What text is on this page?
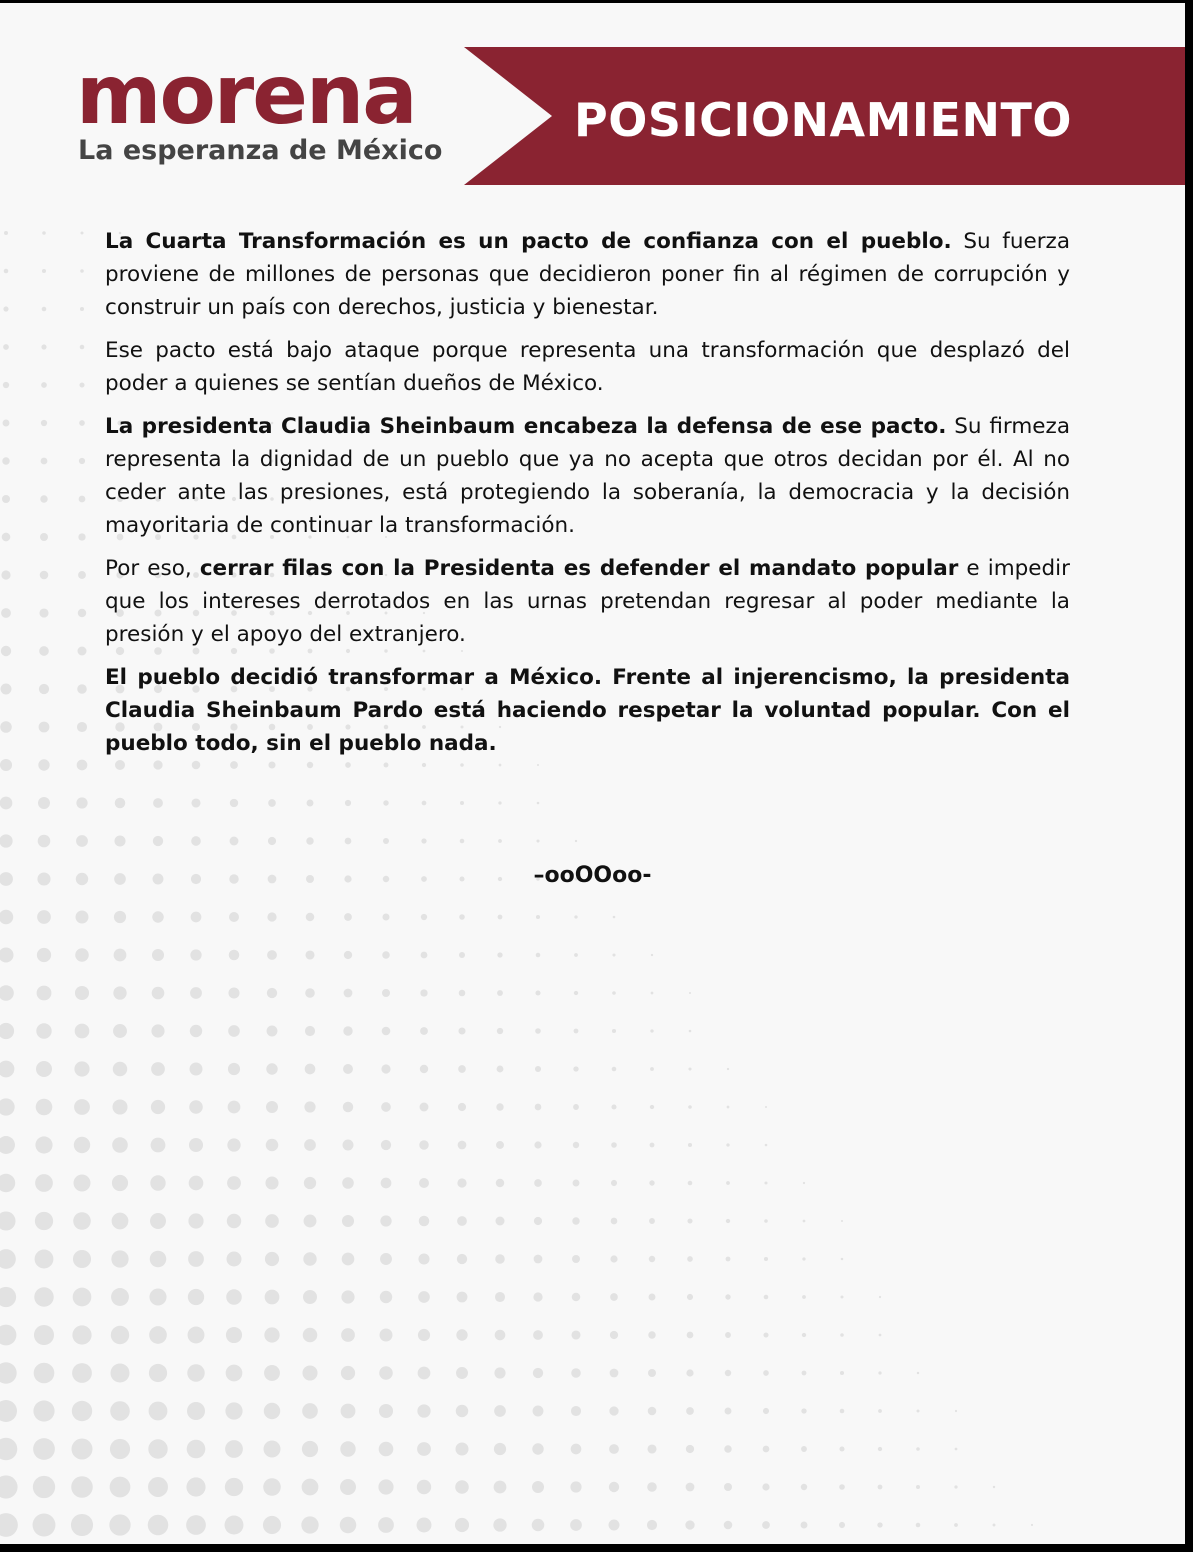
morena
La esperanza de México
POSICIONAMIENTO

La Cuarta Transformación es un pacto de confianza con el pueblo. Su fuerza proviene de millones de personas que decidieron poner fin al régimen de corrupción y construir un país con derechos, justicia y bienestar.

Ese pacto está bajo ataque porque representa una transformación que desplazó del poder a quienes se sentían dueños de México.

La presidenta Claudia Sheinbaum encabeza la defensa de ese pacto. Su firmeza representa la dignidad de un pueblo que ya no acepta que otros decidan por él. Al no ceder ante las presiones, está protegiendo la soberanía, la democracia y la decisión mayoritaria de continuar la transformación.

Por eso, cerrar filas con la Presidenta es defender el mandato popular e impedir que los intereses derrotados en las urnas pretendan regresar al poder mediante la presión y el apoyo del extranjero.

El pueblo decidió transformar a México. Frente al injerencismo, la presidenta Claudia Sheinbaum Pardo está haciendo respetar la voluntad popular. Con el pueblo todo, sin el pueblo nada.

–ooOOoo-
